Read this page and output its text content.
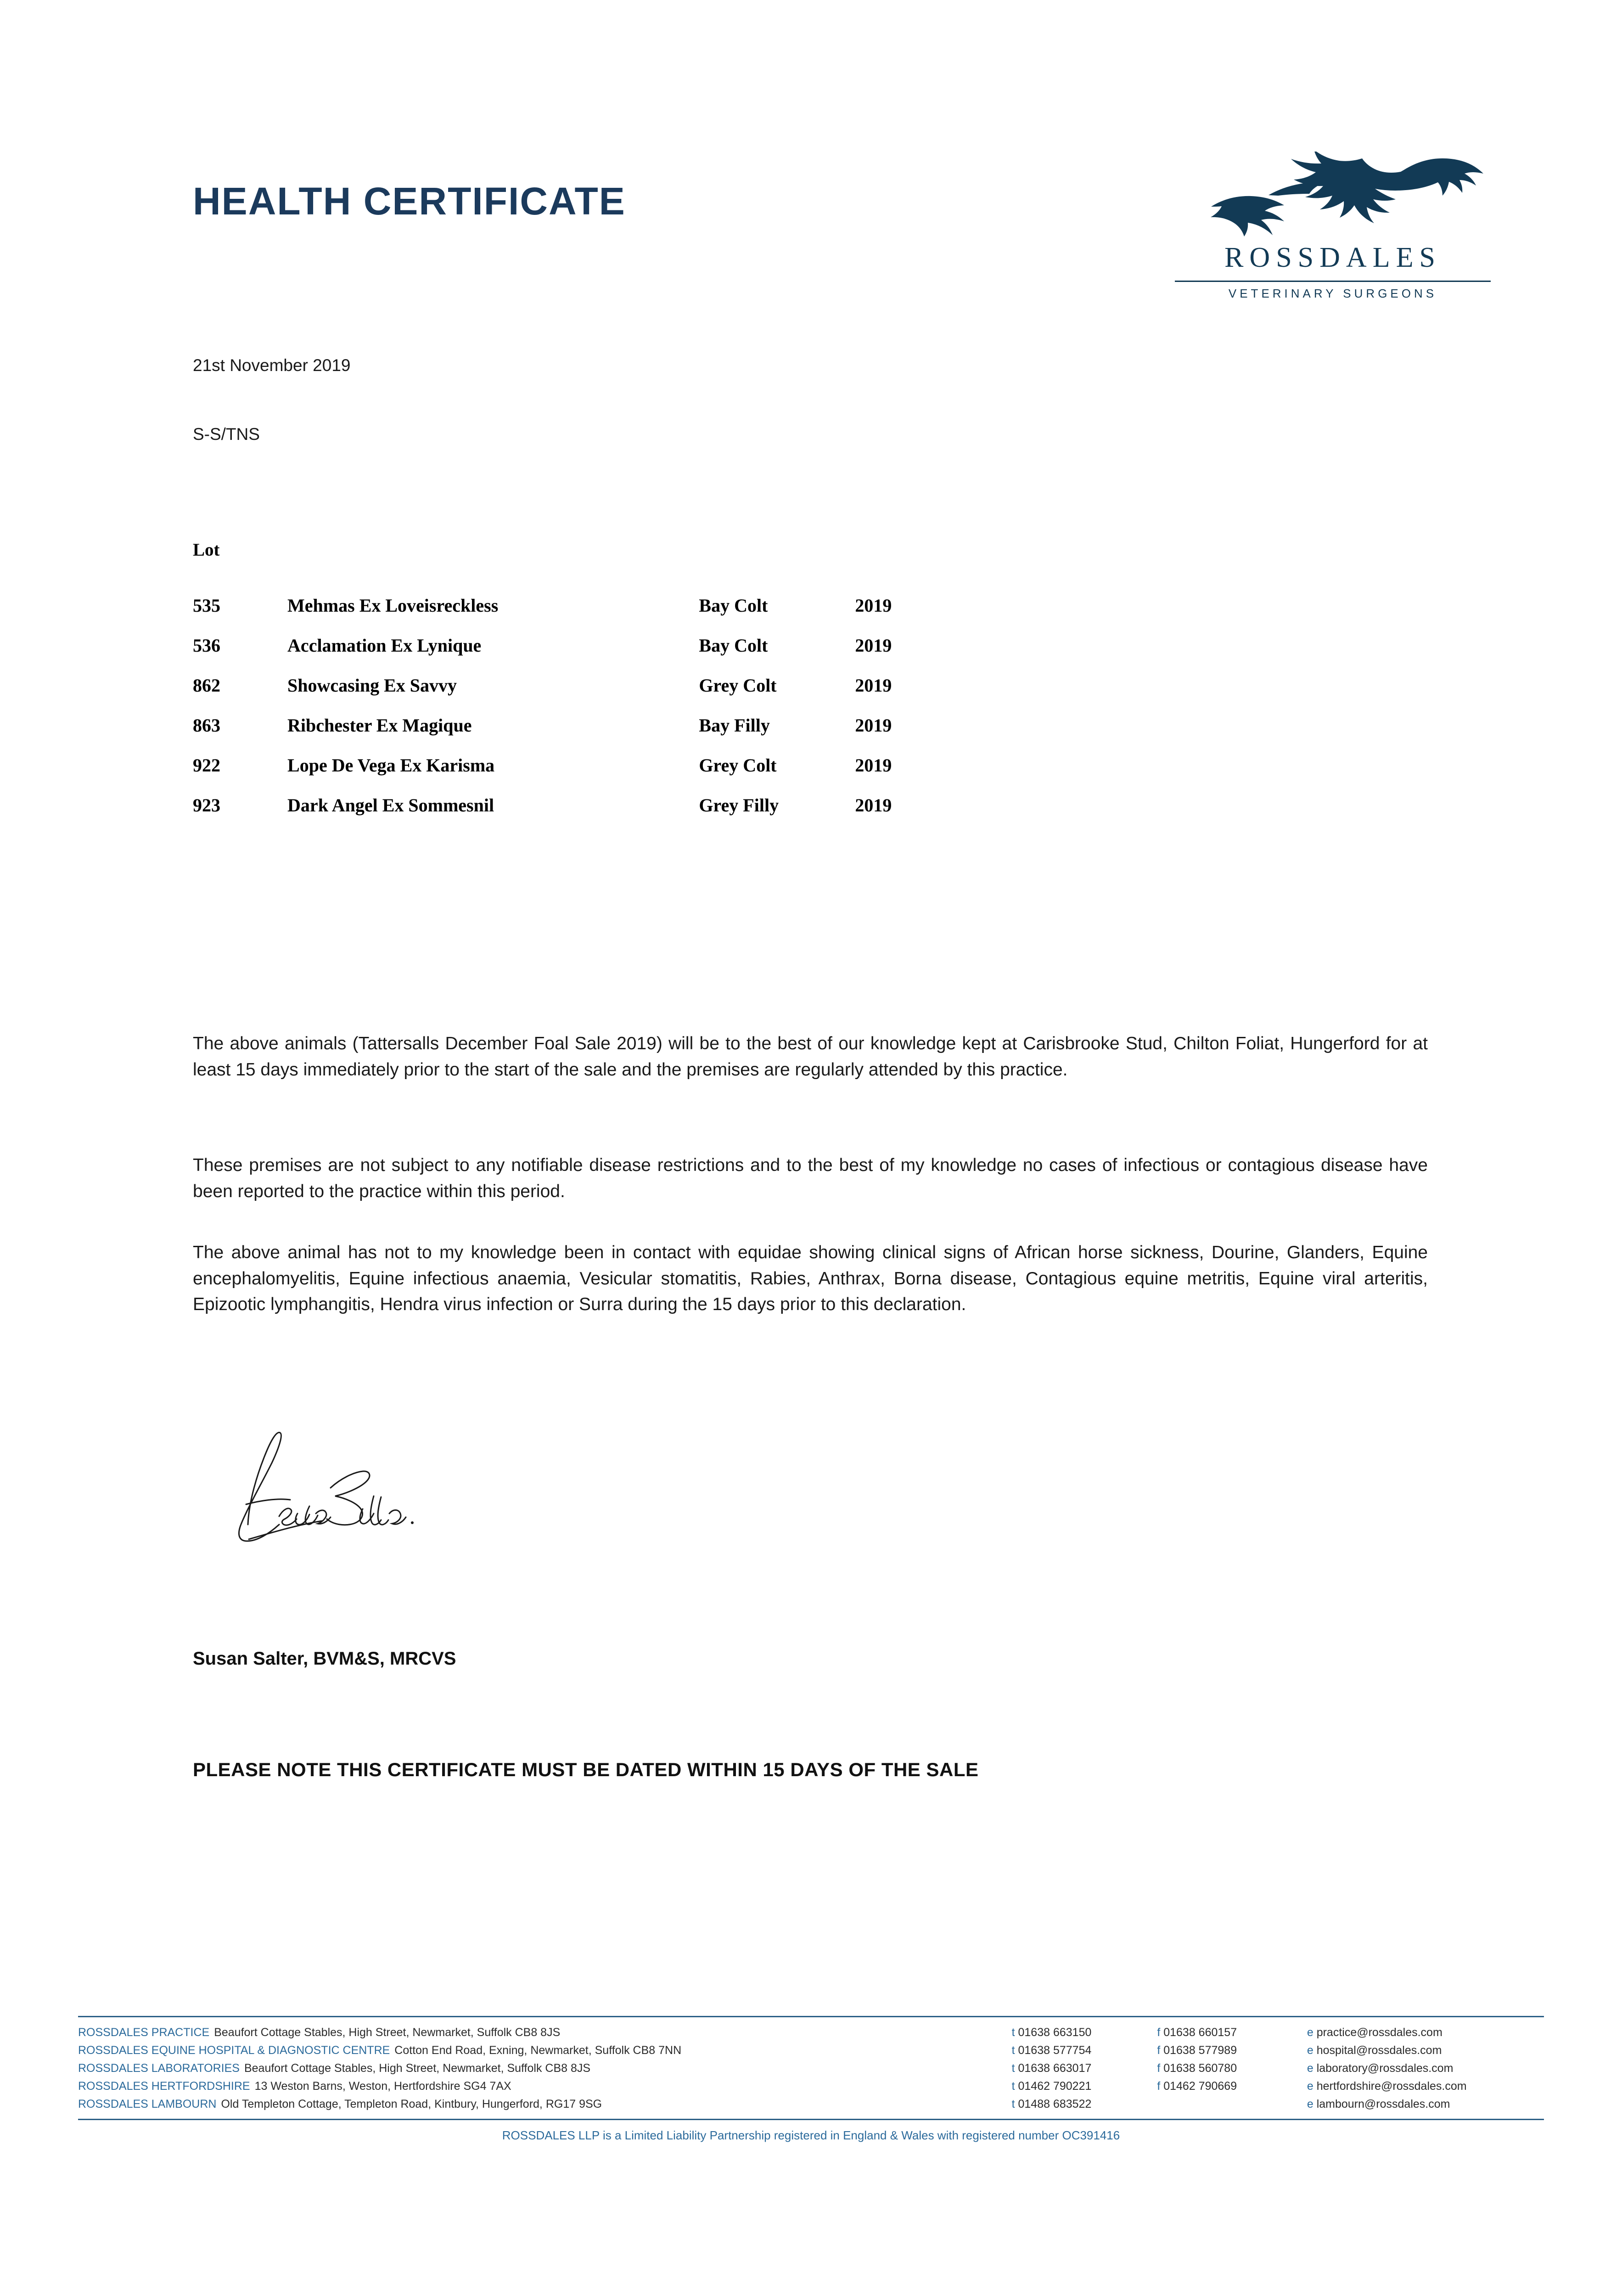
HEALTH CERTIFICATE
ROSSDALES
VETERINARY SURGEONS
21st November 2019
S-S/TNS
Lot
535	Mehmas Ex Loveisreckless	Bay Colt	2019
536	Acclamation Ex Lynique	Bay Colt	2019
862	Showcasing Ex Savvy	Grey Colt	2019
863	Ribchester Ex Magique	Bay Filly	2019
922	Lope De Vega Ex Karisma	Grey Colt	2019
923	Dark Angel Ex Sommesnil	Grey Filly	2019
The above animals (Tattersalls December Foal Sale 2019) will be to the best of our knowledge kept at Carisbrooke Stud, Chilton Foliat, Hungerford for at least 15 days immediately prior to the start of the sale and the premises are regularly attended by this practice.
These premises are not subject to any notifiable disease restrictions and to the best of my knowledge no cases of infectious or contagious disease have been reported to the practice within this period.
The above animal has not to my knowledge been in contact with equidae showing clinical signs of African horse sickness, Dourine, Glanders, Equine encephalomyelitis, Equine infectious anaemia, Vesicular stomatitis, Rabies, Anthrax, Borna disease, Contagious equine metritis, Equine viral arteritis, Epizootic lymphangitis, Hendra virus infection or Surra during the 15 days prior to this declaration.
Susan Salter, BVM&S, MRCVS
PLEASE NOTE THIS CERTIFICATE MUST BE DATED WITHIN 15 DAYS OF THE SALE
ROSSDALES PRACTICE Beaufort Cottage Stables, High Street, Newmarket, Suffolk CB8 8JS	t 01638 663150	f 01638 660157	e practice@rossdales.com
ROSSDALES EQUINE HOSPITAL & DIAGNOSTIC CENTRE Cotton End Road, Exning, Newmarket, Suffolk CB8 7NN	t 01638 577754	f 01638 577989	e hospital@rossdales.com
ROSSDALES LABORATORIES Beaufort Cottage Stables, High Street, Newmarket, Suffolk CB8 8JS	t 01638 663017	f 01638 560780	e laboratory@rossdales.com
ROSSDALES HERTFORDSHIRE 13 Weston Barns, Weston, Hertfordshire SG4 7AX	t 01462 790221	f 01462 790669	e hertfordshire@rossdales.com
ROSSDALES LAMBOURN Old Templeton Cottage, Templeton Road, Kintbury, Hungerford, RG17 9SG	t 01488 683522		e lambourn@rossdales.com
ROSSDALES LLP is a Limited Liability Partnership registered in England & Wales with registered number OC391416
